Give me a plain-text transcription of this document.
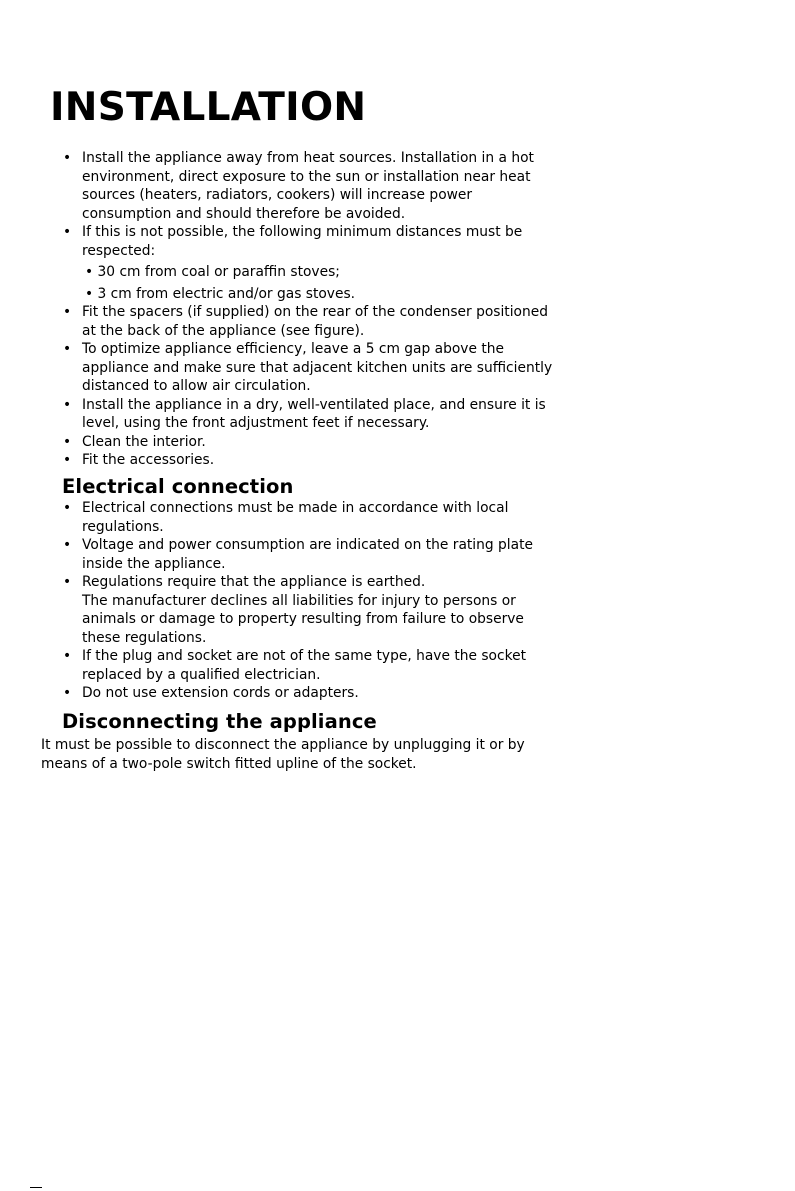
INSTALLATION
• Install the appliance away from heat sources. Installation in a hot environment, direct exposure to the sun or installation near heat sources (heaters, radiators, cookers) will increase power consumption and should therefore be avoided.
• If this is not possible, the following minimum distances must be respected:
• 30 cm from coal or paraffin stoves;
• 3 cm from electric and/or gas stoves.
• Fit the spacers (if supplied) on the rear of the condenser positioned at the back of the appliance (see figure).
• To optimize appliance efficiency, leave a 5 cm gap above the appliance and make sure that adjacent kitchen units are sufficiently distanced to allow air circulation.
• Install the appliance in a dry, well-ventilated place, and ensure it is level, using the front adjustment feet if necessary.
• Clean the interior.
• Fit the accessories.
Electrical connection
• Electrical connections must be made in accordance with local regulations.
• Voltage and power consumption are indicated on the rating plate inside the appliance.
• Regulations require that the appliance is earthed.
The manufacturer declines all liabilities for injury to persons or animals or damage to property resulting from failure to observe these regulations.
• If the plug and socket are not of the same type, have the socket replaced by a qualified electrician.
• Do not use extension cords or adapters.
Disconnecting the appliance

It must be possible to disconnect the appliance by unplugging it or by means of a two-pole switch fitted upline of the socket.
